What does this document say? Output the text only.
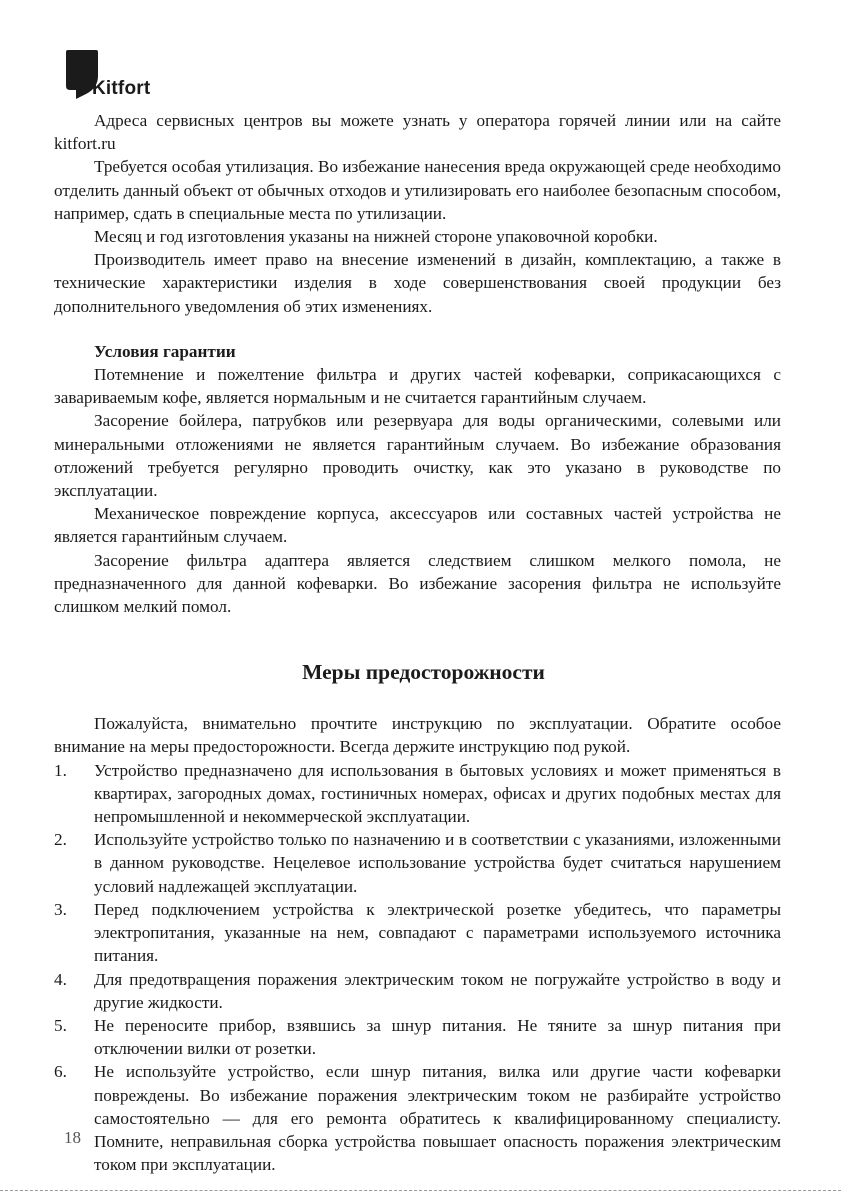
Kitfort

Адреса сервисных центров вы можете узнать у оператора горячей линии или на сайте kitfort.ru

Требуется особая утилизация. Во избежание нанесения вреда окружающей среде необходимо отделить данный объект от обычных отходов и утилизировать его наиболее безопасным способом, например, сдать в специальные места по утилизации.

Месяц и год изготовления указаны на нижней стороне упаковочной коробки.

Производитель имеет право на внесение изменений в дизайн, комплектацию, а также в технические характеристики изделия в ходе совершенствования своей продукции без дополнительного уведомления об этих изменениях.

Условия гарантии

Потемнение и пожелтение фильтра и других частей кофеварки, соприкасающихся с завариваемым кофе, является нормальным и не считается гарантийным случаем.

Засорение бойлера, патрубков или резервуара для воды органическими, солевыми или минеральными отложениями не является гарантийным случаем. Во избежание образования отложений требуется регулярно проводить очистку, как это указано в руководстве по эксплуатации.

Механическое повреждение корпуса, аксессуаров или составных частей устройства не является гарантийным случаем.

Засорение фильтра адаптера является следствием слишком мелкого помола, не предназначенного для данной кофеварки. Во избежание засорения фильтра не используйте слишком мелкий помол.

Меры предосторожности

Пожалуйста, внимательно прочтите инструкцию по эксплуатации. Обратите особое внимание на меры предосторожности. Всегда держите инструкцию под рукой.

1. Устройство предназначено для использования в бытовых условиях и может применяться в квартирах, загородных домах, гостиничных номерах, офисах и других подобных местах для непромышленной и некоммерческой эксплуатации.
2. Используйте устройство только по назначению и в соответствии с указаниями, изложенными в данном руководстве. Нецелевое использование устройства будет считаться нарушением условий надлежащей эксплуатации.
3. Перед подключением устройства к электрической розетке убедитесь, что параметры электропитания, указанные на нем, совпадают с параметрами используемого источника питания.
4. Для предотвращения поражения электрическим током не погружайте устройство в воду и другие жидкости.
5. Не переносите прибор, взявшись за шнур питания. Не тяните за шнур питания при отключении вилки от розетки.
6. Не используйте устройство, если шнур питания, вилка или другие части кофеварки повреждены. Во избежание поражения электрическим током не разбирайте устройство самостоятельно — для его ремонта обратитесь к квалифицированному специалисту. Помните, неправильная сборка устройства повышает опасность поражения электрическим током при эксплуатации.
18
